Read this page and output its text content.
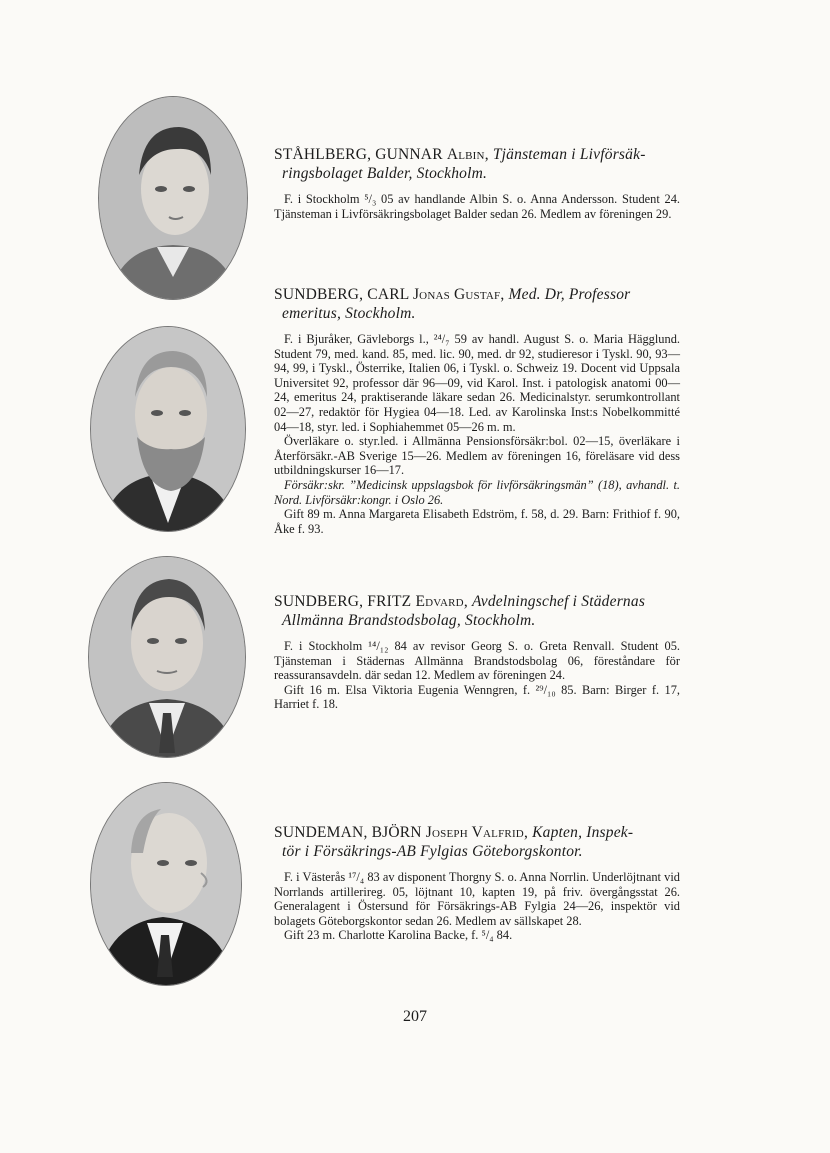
STÅHLBERG, GUNNAR Albin, Tjänsteman i Livförsäk-
ringsbolaget Balder, Stockholm.

F. i Stockholm ⁵/₃ 05 av handlande Albin S. o. Anna Andersson. Student 24. Tjänsteman i Livförsäkringsbolaget Balder sedan 26. Medlem av föreningen 29.

SUNDBERG, CARL Jonas Gustaf, Med. Dr, Professor
emeritus, Stockholm.

F. i Bjuråker, Gävleborgs l., ²⁴/₇ 59 av handl. August S. o. Maria Hägglund. Student 79, med. kand. 85, med. lic. 90, med. dr 92, studieresor i Tyskl. 90, 93—94, 99, i Tyskl., Österrike, Italien 06, i Tyskl. o. Schweiz 19. Docent vid Uppsala Universitet 92, professor där 96—09, vid Karol. Inst. i patologisk anatomi 00—24, emeritus 24, praktiserande läkare sedan 26. Medicinalstyr. serumkontrollant 02—27, redaktör för Hygiea 04—18. Led. av Karolinska Inst:s Nobelkommitté 04—18, styr. led. i Sophiahemmet 05—26 m. m.

Överläkare o. styr.led. i Allmänna Pensionsförsäkr:bol. 02—15, överläkare i Återförsäkr.-AB Sverige 15—26. Medlem av föreningen 16, föreläsare vid dess utbildningskurser 16—17.

Försäkr:skr. ”Medicinsk uppslagsbok för livförsäkringsmän” (18), avhandl. t. Nord. Livförsäkr:kongr. i Oslo 26.

Gift 89 m. Anna Margareta Elisabeth Edström, f. 58, d. 29. Barn: Frithiof f. 90, Åke f. 93.

SUNDBERG, FRITZ Edvard, Avdelningschef i Städernas
Allmänna Brandstodsbolag, Stockholm.

F. i Stockholm ¹⁴/₁₂ 84 av revisor Georg S. o. Greta Renvall. Student 05. Tjänsteman i Städernas Allmänna Brandstodsbolag 06, föreståndare för reassuransavdeln. där sedan 12. Medlem av föreningen 24.

Gift 16 m. Elsa Viktoria Eugenia Wenngren, f. ²⁹/₁₀ 85. Barn: Birger f. 17, Harriet f. 18.

SUNDEMAN, BJÖRN Joseph Valfrid, Kapten, Inspek-
tör i Försäkrings-AB Fylgias Göteborgskontor.

F. i Västerås ¹⁷/₄ 83 av disponent Thorgny S. o. Anna Norrlin. Underlöjtnant vid Norrlands artillerireg. 05, löjtnant 10, kapten 19, på friv. övergångsstat 26. Generalagent i Östersund för Försäkrings-AB Fylgia 24—26, inspektör vid bolagets Göteborgskontor sedan 26. Medlem av sällskapet 28.

Gift 23 m. Charlotte Karolina Backe, f. ⁵/₄ 84.

207
